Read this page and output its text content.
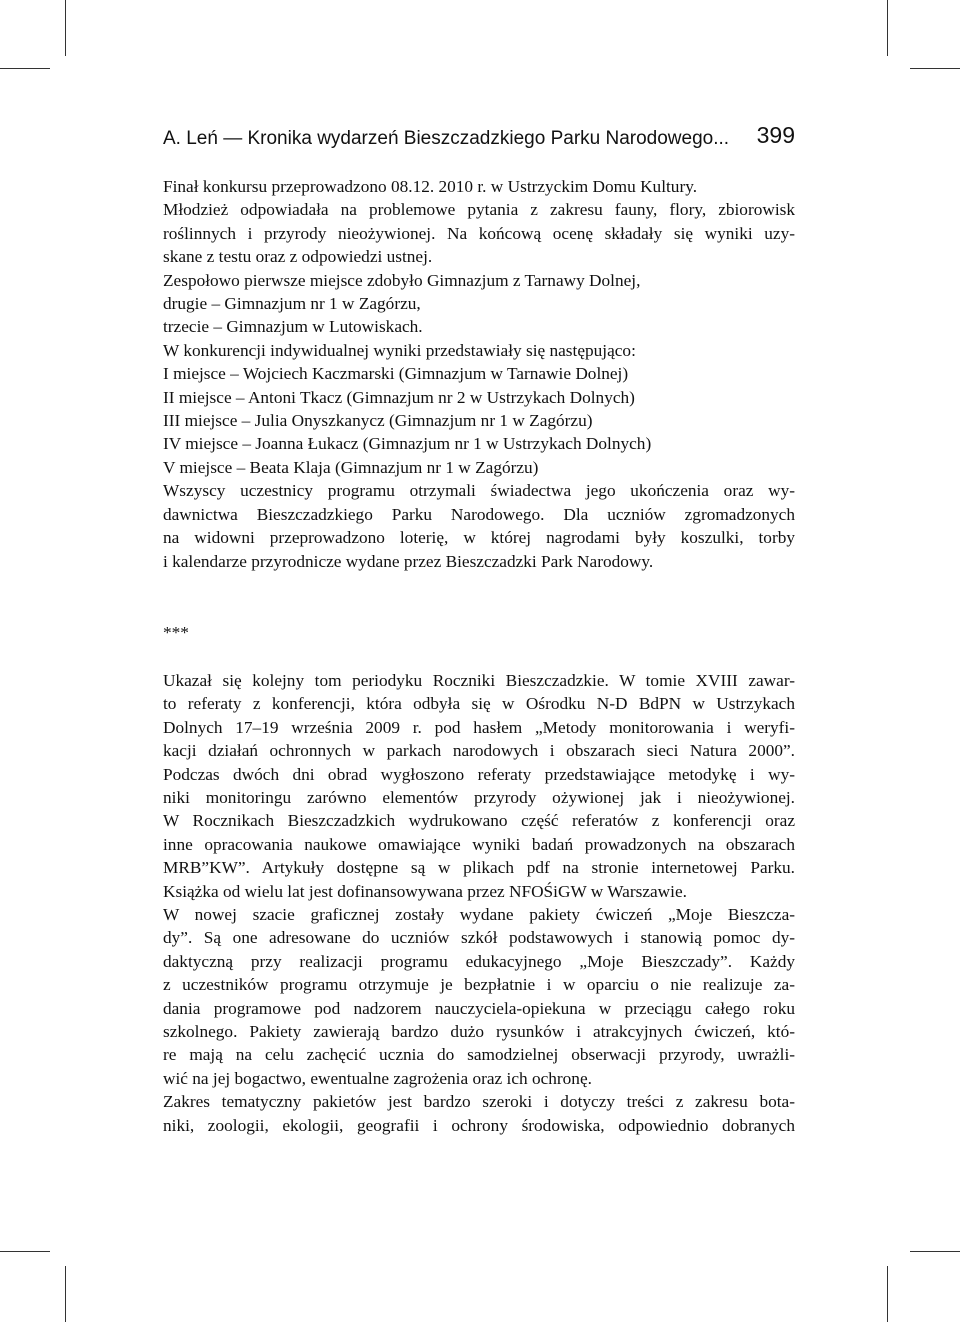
A. Leń — Kronika wydarzeń Bieszczadzkiego Parku Narodowego... 399
Finał konkursu przeprowadzono 08.12. 2010 r. w Ustrzyckim Domu Kultury.
Młodzież odpowiadała na problemowe pytania z zakresu fauny, flory, zbiorowisk
roślinnych i przyrody nieożywionej. Na końcową ocenę składały się wyniki uzy-
skane z testu oraz z odpowiedzi ustnej.
Zespołowo pierwsze miejsce zdobyło Gimnazjum z Tarnawy Dolnej,
drugie – Gimnazjum nr 1 w Zagórzu,
trzecie – Gimnazjum w Lutowiskach.
W konkurencji indywidualnej wyniki przedstawiały się następująco:
I miejsce – Wojciech Kaczmarski (Gimnazjum w Tarnawie Dolnej)
II miejsce – Antoni Tkacz (Gimnazjum nr 2 w Ustrzykach Dolnych)
III miejsce – Julia Onyszkanycz (Gimnazjum nr 1 w Zagórzu)
IV miejsce – Joanna Łukacz (Gimnazjum nr 1 w Ustrzykach Dolnych)
V miejsce – Beata Klaja (Gimnazjum nr 1 w Zagórzu)
Wszyscy uczestnicy programu otrzymali świadectwa jego ukończenia oraz wy-
dawnictwa Bieszczadzkiego Parku Narodowego. Dla uczniów zgromadzonych
na widowni przeprowadzono loterię, w której nagrodami były koszulki, torby
i kalendarze przyrodnicze wydane przez Bieszczadzki Park Narodowy.
***
Ukazał się kolejny tom periodyku Roczniki Bieszczadzkie. W tomie XVIII zawar-
to referaty z konferencji, która odbyła się w Ośrodku N-D BdPN w Ustrzykach
Dolnych 17–19 września 2009 r. pod hasłem „Metody monitorowania i weryfi-
kacji działań ochronnych w parkach narodowych i obszarach sieci Natura 2000”.
Podczas dwóch dni obrad wygłoszono referaty przedstawiające metodykę i wy-
niki monitoringu zarówno elementów przyrody ożywionej jak i nieożywionej.
W Rocznikach Bieszczadzkich wydrukowano część referatów z konferencji oraz
inne opracowania naukowe omawiające wyniki badań prowadzonych na obszarach
MRB”KW”. Artykuły dostępne są w plikach pdf na stronie internetowej Parku.
Książka od wielu lat jest dofinansowywana przez NFOŚiGW w Warszawie.
W nowej szacie graficznej zostały wydane pakiety ćwiczeń „Moje Bieszcza-
dy”. Są one adresowane do uczniów szkół podstawowych i stanowią pomoc dy-
daktyczną przy realizacji programu edukacyjnego „Moje Bieszczady”. Każdy
z uczestników programu otrzymuje je bezpłatnie i w oparciu o nie realizuje za-
dania programowe pod nadzorem nauczyciela-opiekuna w przeciągu całego roku
szkolnego. Pakiety zawierają bardzo dużo rysunków i atrakcyjnych ćwiczeń, któ-
re mają na celu zachęcić ucznia do samodzielnej obserwacji przyrody, uwrażli-
wić na jej bogactwo, ewentualne zagrożenia oraz ich ochronę.
Zakres tematyczny pakietów jest bardzo szeroki i dotyczy treści z zakresu bota-
niki, zoologii, ekologii, geografii i ochrony środowiska, odpowiednio dobranych
